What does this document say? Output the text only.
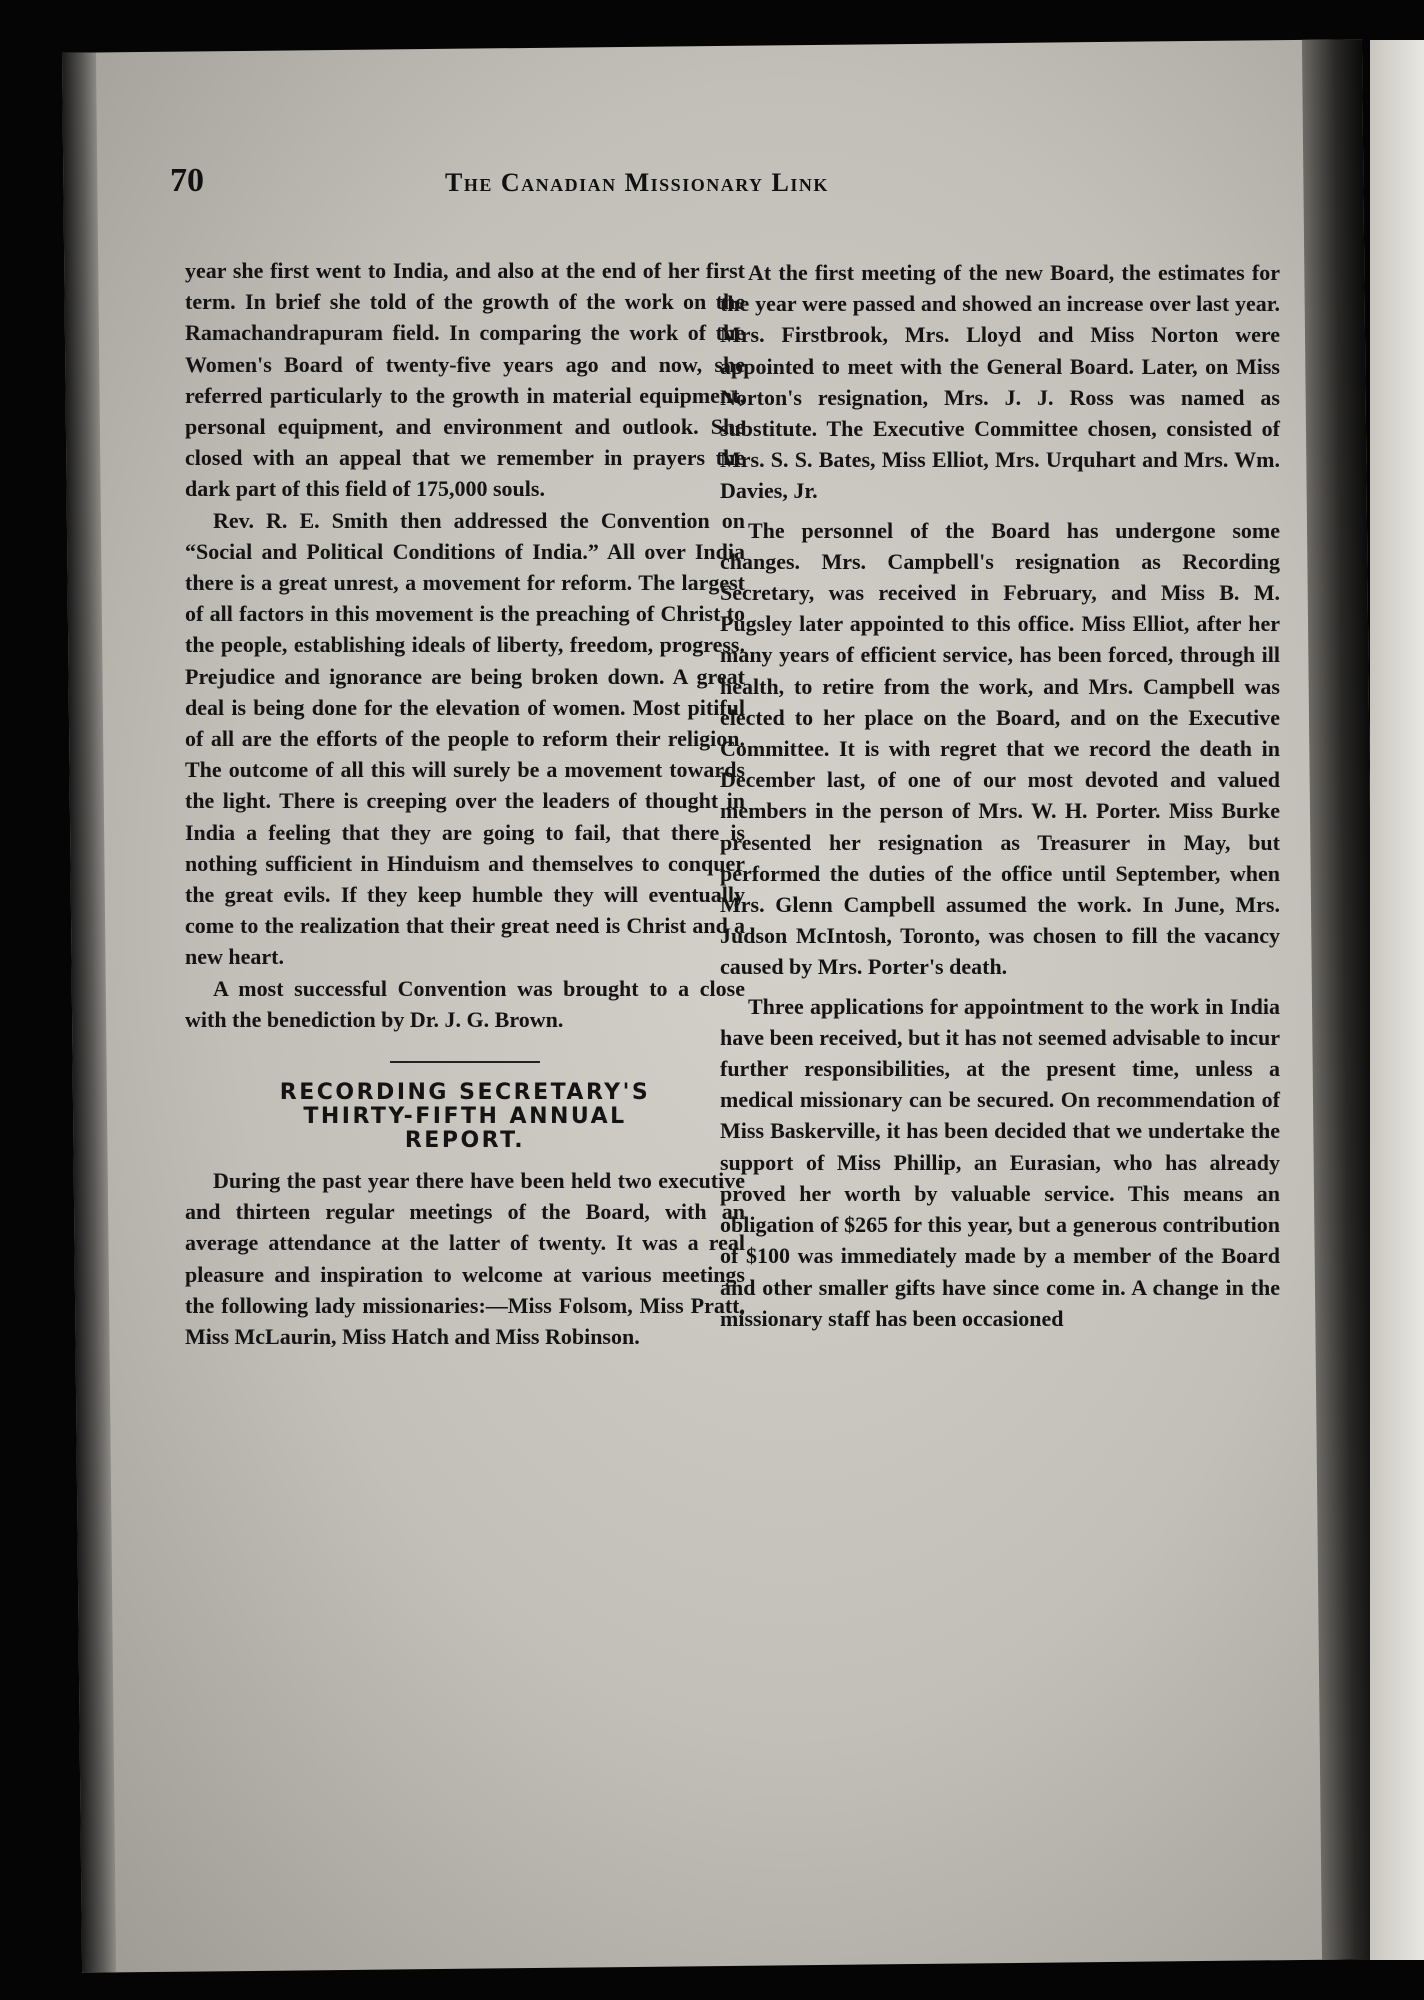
70	The Canadian Missionary Link

year she first went to India, and also at the end of her first term. In brief she told of the growth of the work on the Ramachandrapuram field. In comparing the work of the Women's Board of twenty-five years ago and now, she referred particularly to the growth in material equipment, personal equipment, and environment and outlook. She closed with an appeal that we remember in prayers the dark part of this field of 175,000 souls.

Rev. R. E. Smith then addressed the Convention on “Social and Political Conditions of India.” All over India there is a great unrest, a movement for reform. The largest of all factors in this movement is the preaching of Christ to the people, establishing ideals of liberty, freedom, progress. Prejudice and ignorance are being broken down. A great deal is being done for the elevation of women. Most pitiful of all are the efforts of the people to reform their religion. The outcome of all this will surely be a movement towards the light. There is creeping over the leaders of thought in India a feeling that they are going to fail, that there is nothing sufficient in Hinduism and themselves to conquer the great evils. If they keep humble they will eventually come to the realization that their great need is Christ and a new heart.

A most successful Convention was brought to a close with the benediction by Dr. J. G. Brown.

RECORDING SECRETARY'S
THIRTY-FIFTH ANNUAL
REPORT.

During the past year there have been held two executive and thirteen regular meetings of the Board, with an average attendance at the latter of twenty. It was a real pleasure and inspiration to welcome at various meetings the following lady missionaries:—Miss Folsom, Miss Pratt, Miss McLaurin, Miss Hatch and Miss Robinson.

At the first meeting of the new Board, the estimates for the year were passed and showed an increase over last year. Mrs. Firstbrook, Mrs. Lloyd and Miss Norton were appointed to meet with the General Board. Later, on Miss Norton's resignation, Mrs. J. J. Ross was named as substitute. The Executive Committee chosen, consisted of Mrs. S. S. Bates, Miss Elliot, Mrs. Urquhart and Mrs. Wm. Davies, Jr.

The personnel of the Board has undergone some changes. Mrs. Campbell's resignation as Recording Secretary, was received in February, and Miss B. M. Pugsley later appointed to this office. Miss Elliot, after her many years of efficient service, has been forced, through ill health, to retire from the work, and Mrs. Campbell was elected to her place on the Board, and on the Executive Committee. It is with regret that we record the death in December last, of one of our most devoted and valued members in the person of Mrs. W. H. Porter. Miss Burke presented her resignation as Treasurer in May, but performed the duties of the office until September, when Mrs. Glenn Campbell assumed the work. In June, Mrs. Judson McIntosh, Toronto, was chosen to fill the vacancy caused by Mrs. Porter's death.

Three applications for appointment to the work in India have been received, but it has not seemed advisable to incur further responsibilities, at the present time, unless a medical missionary can be secured. On recommendation of Miss Baskerville, it has been decided that we undertake the support of Miss Phillip, an Eurasian, who has already proved her worth by valuable service. This means an obligation of $265 for this year, but a generous contribution of $100 was immediately made by a member of the Board and other smaller gifts have since come in. A change in the missionary staff has been occasioned
